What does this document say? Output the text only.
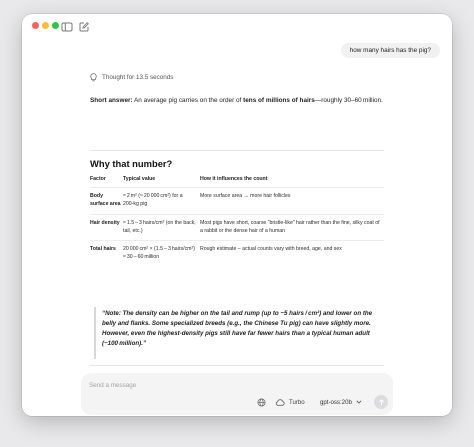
how many hairs has the pig?
Thought for 13.5 seconds

Short answer: An average pig carries on the order of tens of millions of hairs—roughly 30–60 million.

Why that number?
Factor	Typical value	How it influences the count
Body surface area	≈ 2 m² (≈ 20 000 cm²) for a 200‑kg pig	More surface area → more hair follicles
Hair density	≈ 1.5 – 3 hairs/cm² (on the back, tail, etc.)	Most pigs have short, coarse “bristle‑like” hair rather than the fine, silky coat of a rabbit or the dense hair of a human
Total hairs	20 000 cm² × (1.5 – 3 hairs/cm²) ≈ 30 – 60 million	Rough estimate – actual counts vary with breed, age, and sex
“Note: The density can be higher on the tail and rump (up to ~5 hairs / cm²) and lower on the belly and flanks. Some specialized breeds (e.g., the Chinese Tu pig) can have slightly more. However, even the highest‑density pigs still have far fewer hairs than a typical human adult (~100 million).”
Send a message
Turbo	gpt-oss:20b
